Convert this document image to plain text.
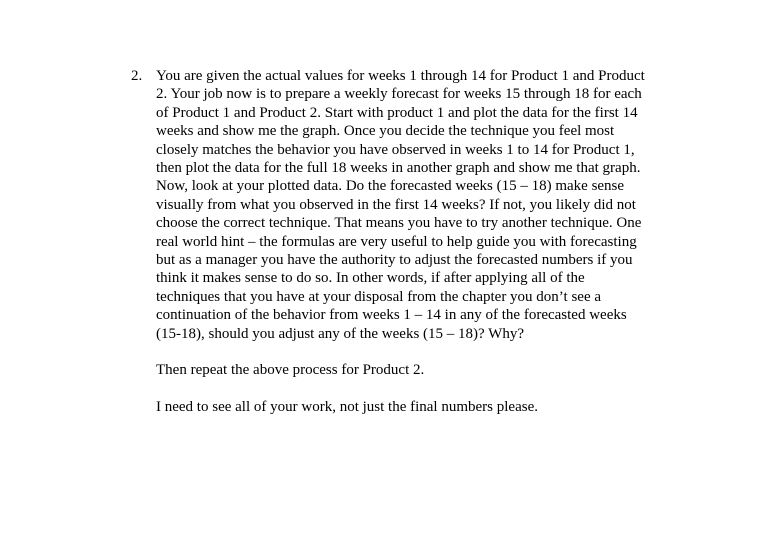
2. You are given the actual values for weeks 1 through 14 for Product 1 and Product
2. Your job now is to prepare a weekly forecast for weeks 15 through 18 for each
of Product 1 and Product 2. Start with product 1 and plot the data for the first 14
weeks and show me the graph. Once you decide the technique you feel most
closely matches the behavior you have observed in weeks 1 to 14 for Product 1,
then plot the data for the full 18 weeks in another graph and show me that graph.
Now, look at your plotted data. Do the forecasted weeks (15 – 18) make sense
visually from what you observed in the first 14 weeks? If not, you likely did not
choose the correct technique. That means you have to try another technique. One
real world hint – the formulas are very useful to help guide you with forecasting
but as a manager you have the authority to adjust the forecasted numbers if you
think it makes sense to do so. In other words, if after applying all of the
techniques that you have at your disposal from the chapter you don’t see a
continuation of the behavior from weeks 1 – 14 in any of the forecasted weeks
(15-18), should you adjust any of the weeks (15 – 18)? Why?
Then repeat the above process for Product 2.
I need to see all of your work, not just the final numbers please.
